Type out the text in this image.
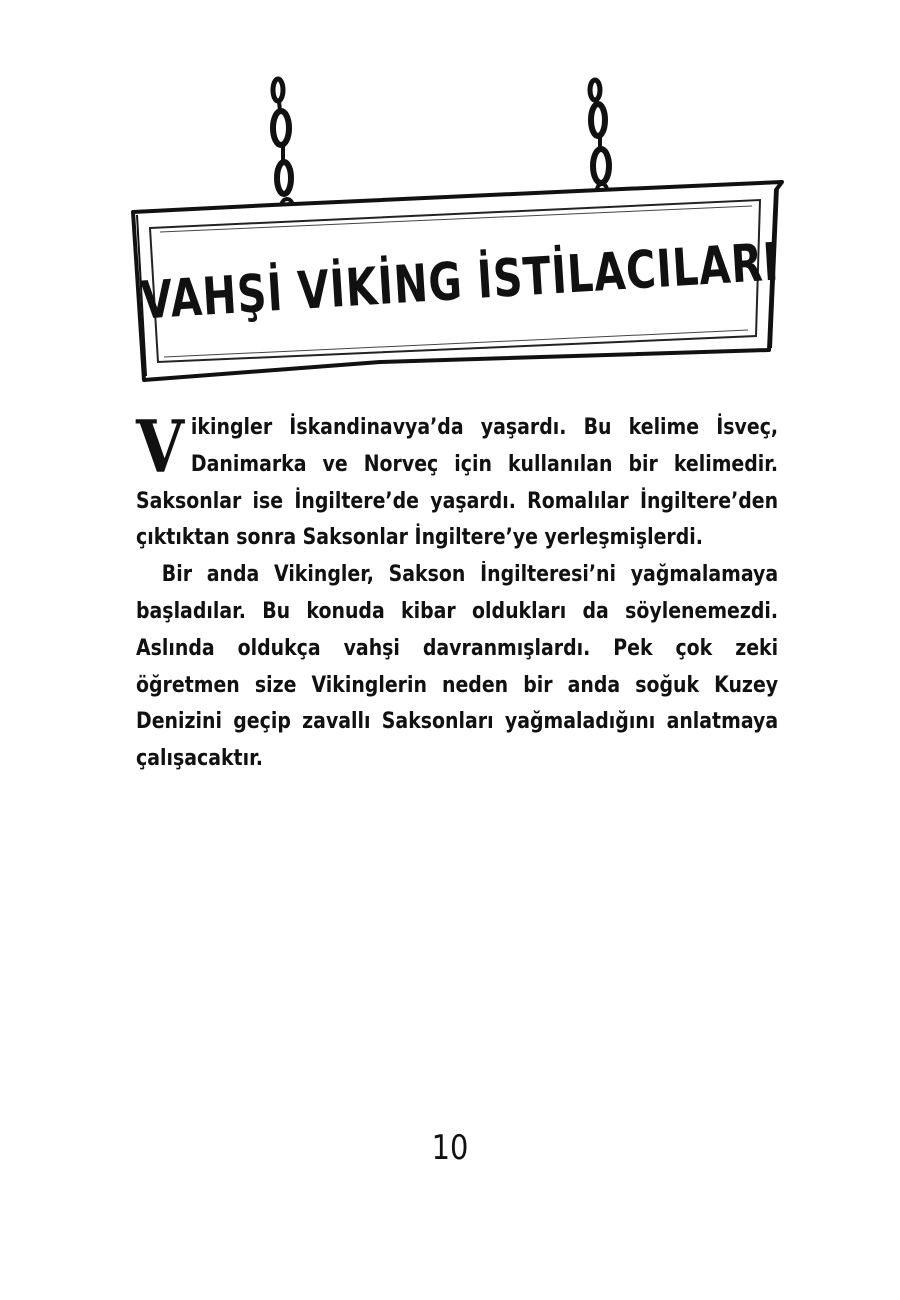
VAHŞİ VİKİNG İSTİLACILARI

Vikingler İskandinavya’da yaşardı. Bu kelime İsveç, Danimarka ve Norveç için kullanılan bir kelimedir. Saksonlar ise İngiltere’de yaşardı. Romalılar İngiltere’den çıktıktan sonra Saksonlar İngiltere’ye yerleşmişlerdi.

Bir anda Vikingler, Sakson İngilteresi’ni yağmalamaya başladılar. Bu konuda kibar oldukları da söylenemezdi. Aslında oldukça vahşi davranmışlardı. Pek çok zeki öğretmen size Vikinglerin neden bir anda soğuk Kuzey Denizini geçip zavallı Saksonları yağmaladığını anlatmaya çalışacaktır.

10
